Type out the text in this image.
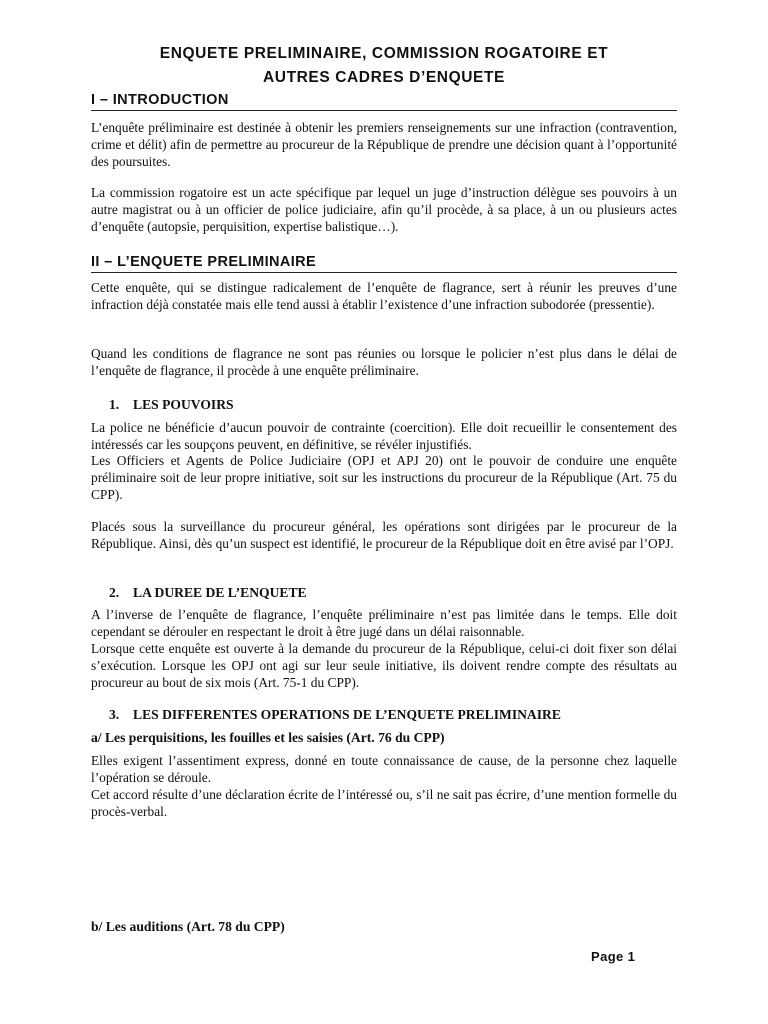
ENQUETE PRELIMINAIRE, COMMISSION ROGATOIRE ET
AUTRES CADRES D’ENQUETE
I – INTRODUCTION
L’enquête préliminaire est destinée à obtenir les premiers renseignements sur une infraction (contravention, crime et délit) afin de permettre au procureur de la République de prendre une décision quant à l’opportunité des poursuites.
La commission rogatoire est un acte spécifique par lequel un juge d’instruction délègue ses pouvoirs à un autre magistrat ou à un officier de police judiciaire, afin qu’il procède, à sa place, à un ou plusieurs actes d’enquête (autopsie, perquisition, expertise balistique…).
II – L’ENQUETE PRELIMINAIRE
Cette enquête, qui se distingue radicalement de l’enquête de flagrance, sert à réunir les preuves d’une infraction déjà constatée mais elle tend aussi à établir l’existence d’une infraction subodorée (pressentie).
Quand les conditions de flagrance ne sont pas réunies ou lorsque le policier n’est plus dans le délai de l’enquête de flagrance, il procède à une enquête préliminaire.
1. LES POUVOIRS
La police ne bénéficie d’aucun pouvoir de contrainte (coercition). Elle doit recueillir le consentement des intéressés car les soupçons peuvent, en définitive, se révéler injustifiés.
Les Officiers et Agents de Police Judiciaire (OPJ et APJ 20) ont le pouvoir de conduire une enquête préliminaire soit de leur propre initiative, soit sur les instructions du procureur de la République (Art. 75 du CPP).
Placés sous la surveillance du procureur général, les opérations sont dirigées par le procureur de la République. Ainsi, dès qu’un suspect est identifié, le procureur de la République doit en être avisé par l’OPJ.
2. LA DUREE DE L’ENQUETE
A l’inverse de l’enquête de flagrance, l’enquête préliminaire n’est pas limitée dans le temps. Elle doit cependant se dérouler en respectant le droit à être jugé dans un délai raisonnable.
Lorsque cette enquête est ouverte à la demande du procureur de la République, celui-ci doit fixer son délai s’exécution. Lorsque les OPJ ont agi sur leur seule initiative, ils doivent rendre compte des résultats au procureur au bout de six mois (Art. 75-1 du CPP).
3. LES DIFFERENTES OPERATIONS DE L’ENQUETE PRELIMINAIRE
a/ Les perquisitions, les fouilles et les saisies (Art. 76 du CPP)
Elles exigent l’assentiment express, donné en toute connaissance de cause, de la personne chez laquelle l’opération se déroule.
Cet accord résulte d’une déclaration écrite de l’intéressé ou, s’il ne sait pas écrire, d’une mention formelle du procès-verbal.
b/ Les auditions (Art. 78 du CPP)
Page 1
